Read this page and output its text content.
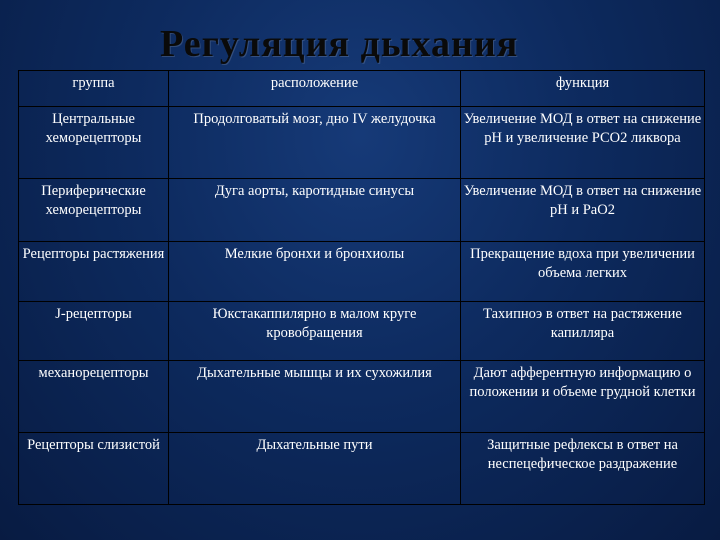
Регуляция дыхания
группа	расположение	функция
Центральные хеморецепторы	Продолговатый мозг, дно IV желудочка	Увеличение МОД в ответ на снижение рН и увеличение РСО2 ликвора
Периферические хеморецепторы	Дуга аорты, каротидные синусы	Увеличение МОД в ответ на снижение рН и РаО2
Рецепторы растяжения	Мелкие бронхи и бронхиолы	Прекращение вдоха при увеличении объема легких
J-рецепторы	Юкстакаппилярно в малом круге кровобращения	Тахипноэ в ответ на растяжение капилляра
механорецепторы	Дыхательные мышцы и их сухожилия	Дают афферентную информацию о положении и объеме грудной клетки
Рецепторы слизистой	Дыхательные пути	Защитные рефлексы в ответ на неспецефическое раздражение
